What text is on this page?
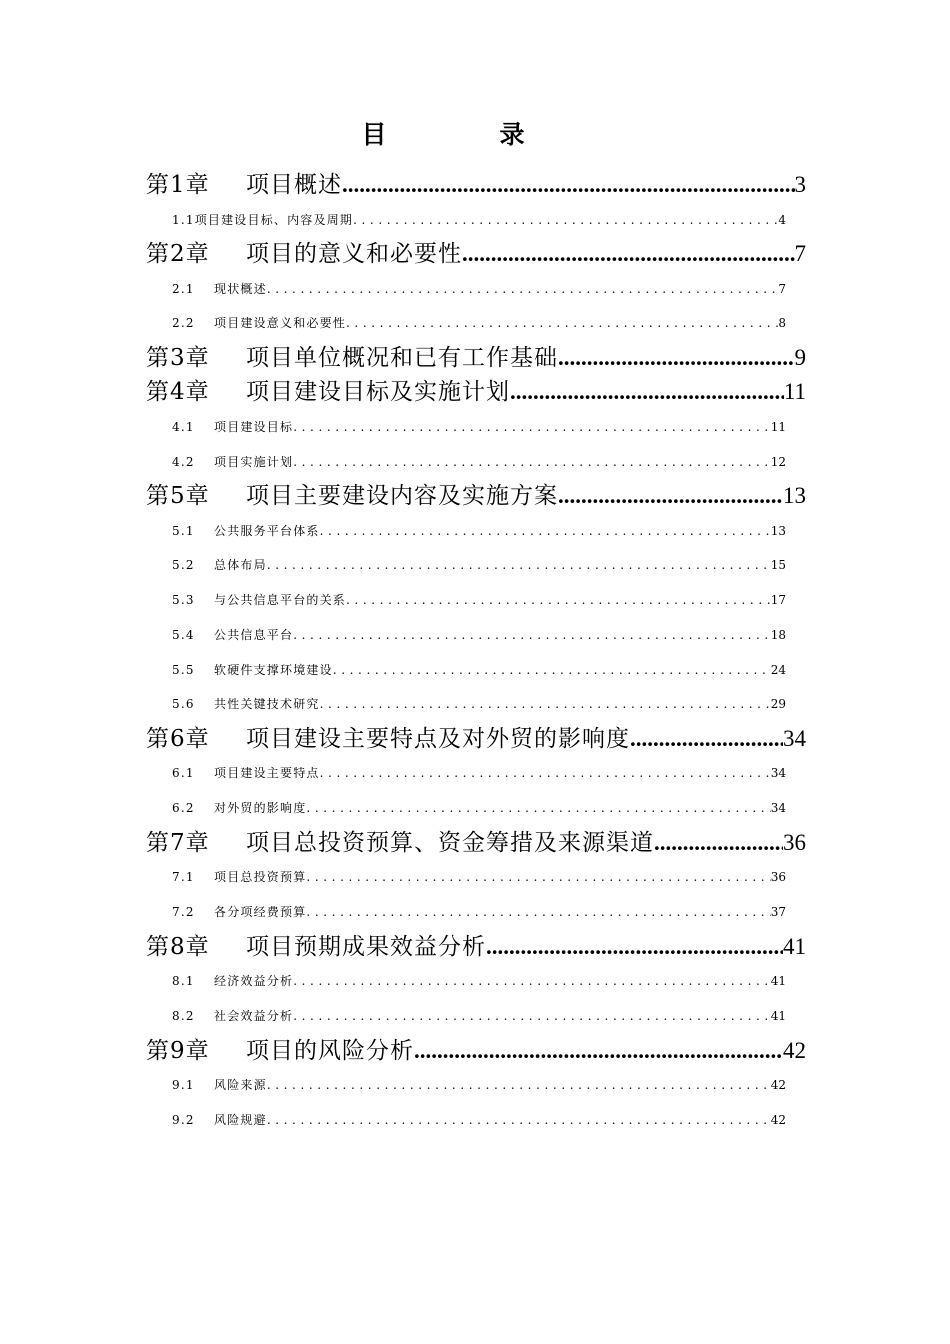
目　录
第1章	项目概述 .....	3
1.1 项目建设目标、内容及周期 .....	4
第2章	项目的意义和必要性 .....	7
2.1	现状概述 .....	7
2.2	项目建设意义和必要性 .....	8
第3章	项目单位概况和已有工作基础 .....	9
第4章	项目建设目标及实施计划 .....	11
4.1	项目建设目标 .....	11
4.2	项目实施计划 .....	12
第5章	项目主要建设内容及实施方案 .....	13
5.1	公共服务平台体系 .....	13
5.2	总体布局 .....	15
5.3	与公共信息平台的关系 .....	17
5.4	公共信息平台 .....	18
5.5	软硬件支撑环境建设 .....	24
5.6	共性关键技术研究 .....	29
第6章	项目建设主要特点及对外贸的影响度 .....	34
6.1	项目建设主要特点 .....	34
6.2	对外贸的影响度 .....	34
第7章	项目总投资预算、资金筹措及来源渠道 .....	36
7.1	项目总投资预算 .....	36
7.2	各分项经费预算 .....	37
第8章	项目预期成果效益分析 .....	41
8.1	经济效益分析 .....	41
8.2	社会效益分析 .....	41
第9章	项目的风险分析 .....	42
9.1	风险来源 .....	42
9.2	风险规避 .....	42
